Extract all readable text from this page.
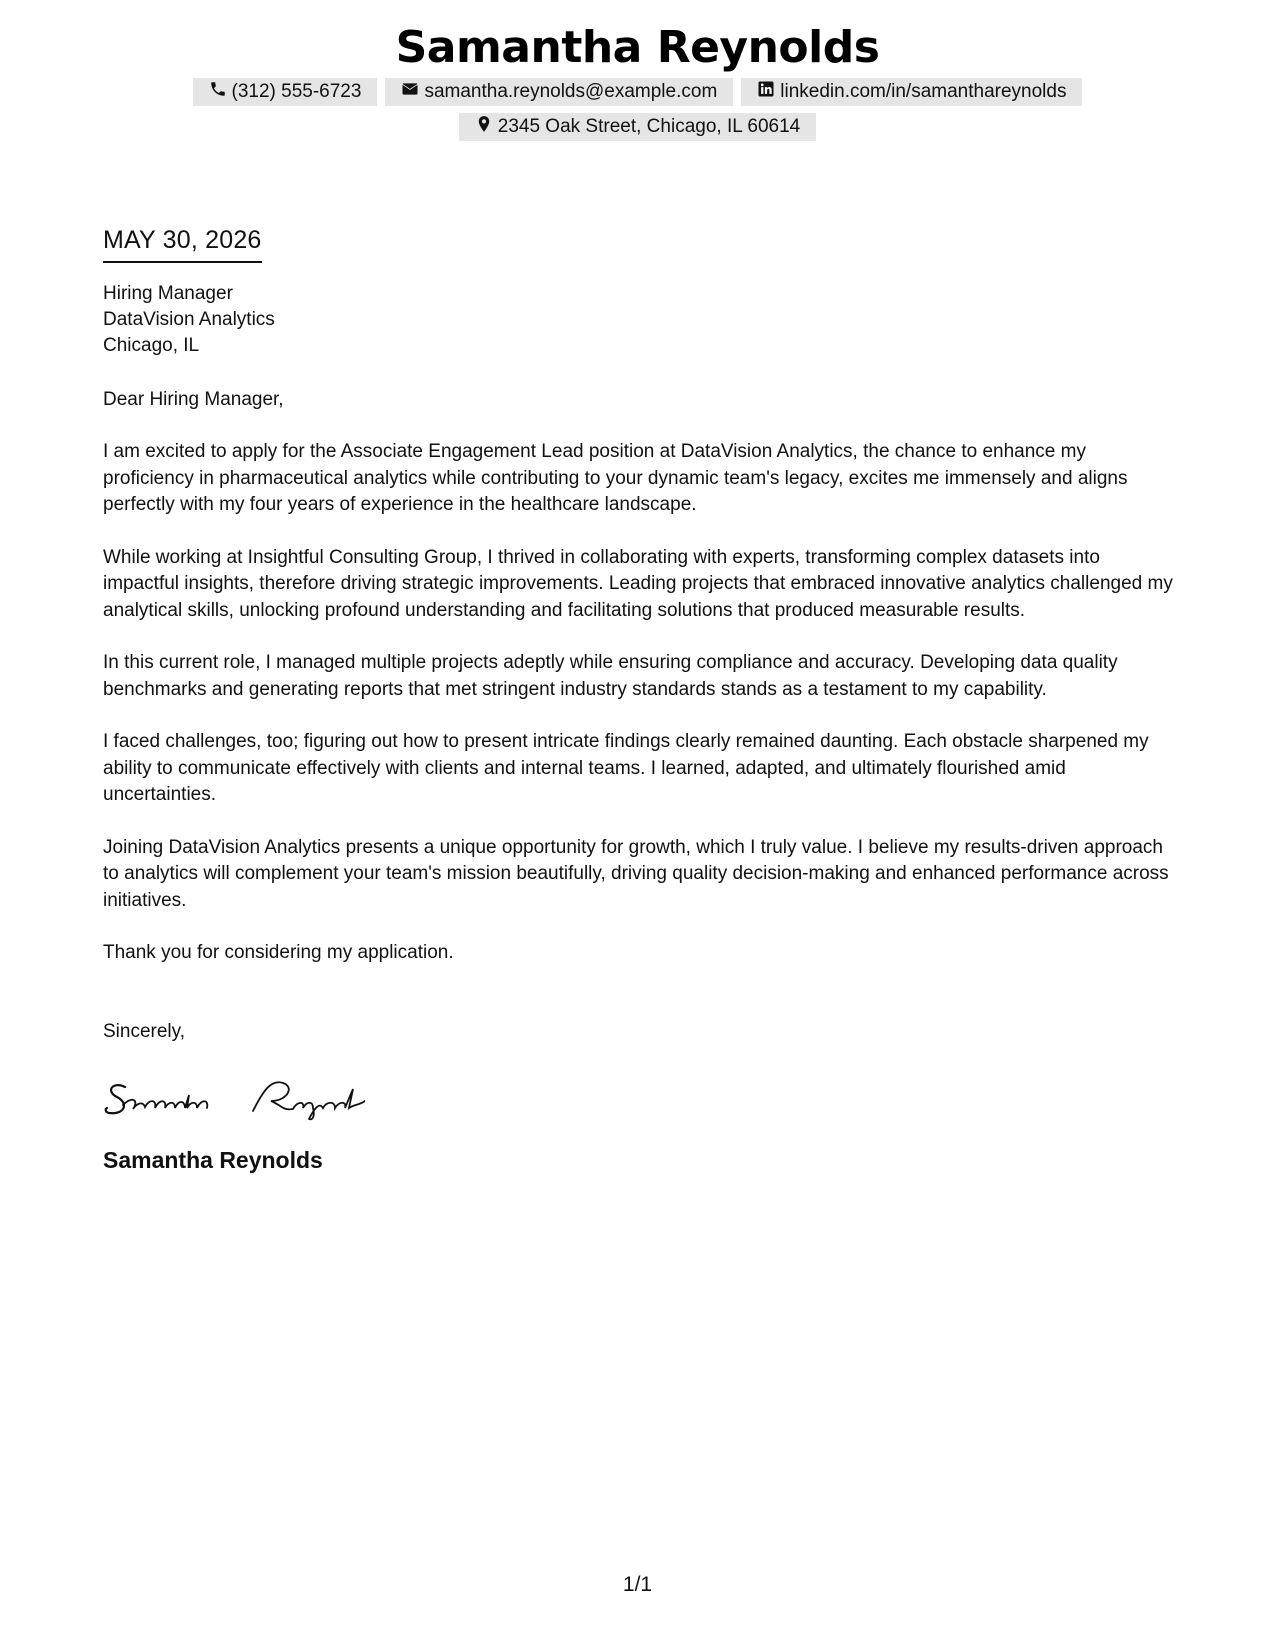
Samantha Reynolds
(312) 555-6723	samantha.reynolds@example.com	linkedin.com/in/samanthareynolds
2345 Oak Street, Chicago, IL 60614
MAY 30, 2026
Hiring Manager
DataVision Analytics
Chicago, IL
Dear Hiring Manager,

I am excited to apply for the Associate Engagement Lead position at DataVision Analytics, the chance to enhance my proficiency in pharmaceutical analytics while contributing to your dynamic team's legacy, excites me immensely and aligns perfectly with my four years of experience in the healthcare landscape.

While working at Insightful Consulting Group, I thrived in collaborating with experts, transforming complex datasets into impactful insights, therefore driving strategic improvements. Leading projects that embraced innovative analytics challenged my analytical skills, unlocking profound understanding and facilitating solutions that produced measurable results.

In this current role, I managed multiple projects adeptly while ensuring compliance and accuracy. Developing data quality benchmarks and generating reports that met stringent industry standards stands as a testament to my capability.

I faced challenges, too; figuring out how to present intricate findings clearly remained daunting. Each obstacle sharpened my ability to communicate effectively with clients and internal teams. I learned, adapted, and ultimately flourished amid uncertainties.

Joining DataVision Analytics presents a unique opportunity for growth, which I truly value. I believe my results-driven approach to analytics will complement your team's mission beautifully, driving quality decision-making and enhanced performance across initiatives.

Thank you for considering my application.

Sincerely,
Samantha Reynolds
1/1
